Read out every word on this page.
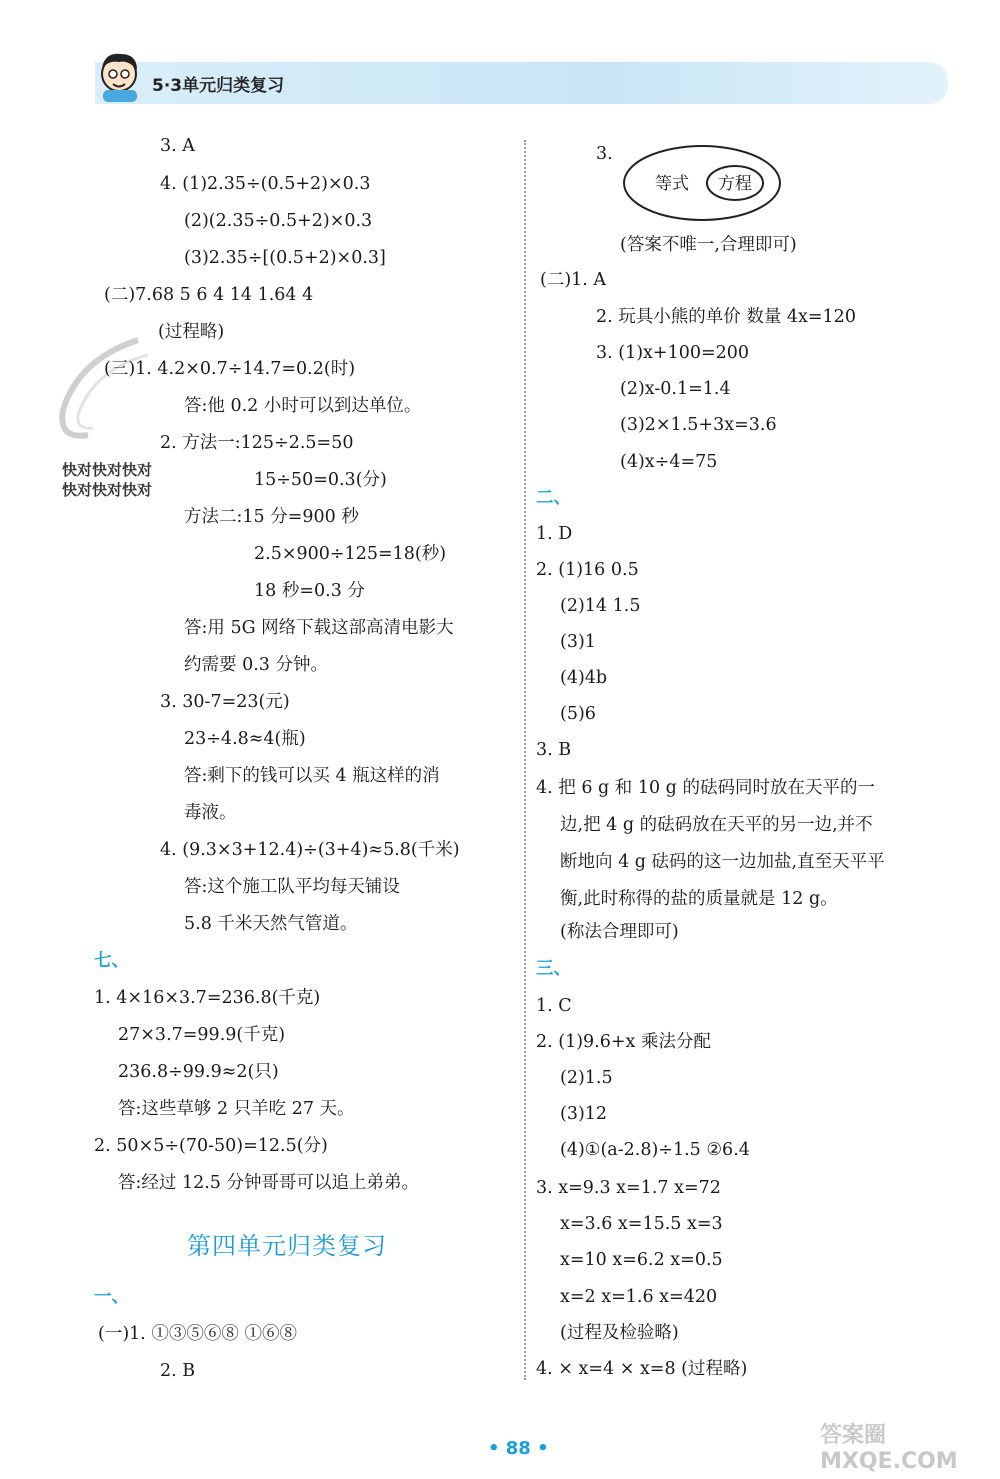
5·3单元归类复习
快对快对快对
快对快对快对
3. A
4. (1)2.35÷(0.5+2)×0.3
(2)(2.35÷0.5+2)×0.3
(3)2.35÷[(0.5+2)×0.3]
(二)7.68 5 6 4 14 1.64 4
(过程略)
(三)1. 4.2×0.7÷14.7=0.2(时)
答:他 0.2 小时可以到达单位。
2. 方法一:125÷2.5=50
15÷50=0.3(分)
方法二:15 分=900 秒
2.5×900÷125=18(秒)
18 秒=0.3 分
答:用 5G 网络下载这部高清电影大
约需要 0.3 分钟。
3. 30-7=23(元)
23÷4.8≈4(瓶)
答:剩下的钱可以买 4 瓶这样的消
毒液。
4. (9.3×3+12.4)÷(3+4)≈5.8(千米)
答:这个施工队平均每天铺设
5.8 千米天然气管道。
七、
1. 4×16×3.7=236.8(千克)
27×3.7=99.9(千克)
236.8÷99.9≈2(只)
答:这些草够 2 只羊吃 27 天。
2. 50×5÷(70-50)=12.5(分)
答:经过 12.5 分钟哥哥可以追上弟弟。
一、
(一)1. ①③⑤⑥⑧ ①⑥⑧
2. B
3.
(答案不唯一,合理即可)
(二)1. A
2. 玩具小熊的单价 数量 4x=120
3. (1)x+100=200
(2)x-0.1=1.4
(3)2×1.5+3x=3.6
(4)x÷4=75
二、
1. D
2. (1)16 0.5
(2)14 1.5
(3)1
(4)4b
(5)6
3. B
4. 把 6 g 和 10 g 的砝码同时放在天平的一
边,把 4 g 的砝码放在天平的另一边,并不
断地向 4 g 砝码的这一边加盐,直至天平平
衡,此时称得的盐的质量就是 12 g。
(称法合理即可)
三、
1. C
2. (1)9.6+x 乘法分配
(2)1.5
(3)12
(4)①(a-2.8)÷1.5 ②6.4
3. x=9.3 x=1.7 x=72
x=3.6 x=15.5 x=3
x=10 x=6.2 x=0.5
x=2 x=1.6 x=420
(过程及检验略)
4. × x=4 × x=8 (过程略)
等式 方程
第四单元归类复习
• 88 •
答案圈 MXQE.COM
